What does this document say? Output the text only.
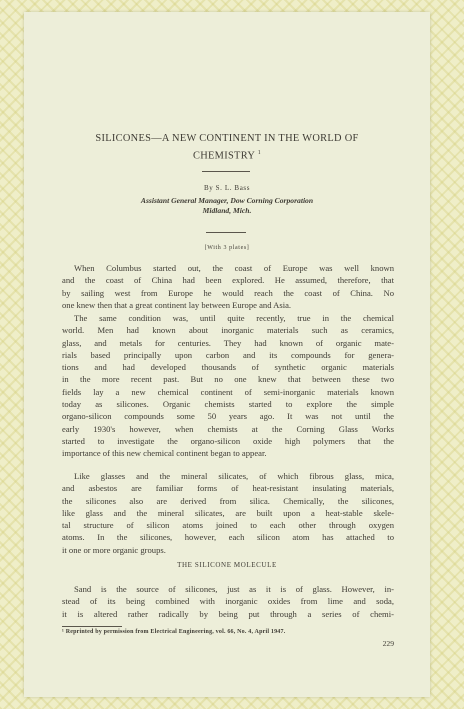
SILICONES—A NEW CONTINENT IN THE WORLD OF
CHEMISTRY $^1$
By S. L. Bass
Assistant General Manager, Dow Corning Corporation
Midland, Mich.
[With 3 plates]
When Columbus started out, the coast of Europe was well known
and the coast of China had been explored. He assumed, therefore, that
by sailing west from Europe he would reach the coast of China. No
one knew then that a great continent lay between Europe and Asia.
The same condition was, until quite recently, true in the chemical
world. Men had known about inorganic materials such as ceramics,
glass, and metals for centuries. They had known of organic mate-
rials based principally upon carbon and its compounds for genera-
tions and had developed thousands of synthetic organic materials
in the more recent past. But no one knew that between these two
fields lay a new chemical continent of semi-inorganic materials known
today as silicones. Organic chemists started to explore the simple
organo-silicon compounds some 50 years ago. It was not until the
early 1930's however, when chemists at the Corning Glass Works
started to investigate the organo-silicon oxide high polymers that the
importance of this new chemical continent began to appear.
Like glasses and the mineral silicates, of which fibrous glass, mica,
and asbestos are familiar forms of heat-resistant insulating materials,
the silicones also are derived from silica. Chemically, the silicones,
like glass and the mineral silicates, are built upon a heat-stable skele-
tal structure of silicon atoms joined to each other through oxygen
atoms. In the silicones, however, each silicon atom has attached to
it one or more organic groups.
THE SILICONE MOLECULE
Sand is the source of silicones, just as it is of glass. However, in-
stead of its being combined with inorganic oxides from lime and soda,
it is altered rather radically by being put through a series of chemi-
¹ Reprinted by permission from Electrical Engineering, vol. 66, No. 4, April 1947.
229
